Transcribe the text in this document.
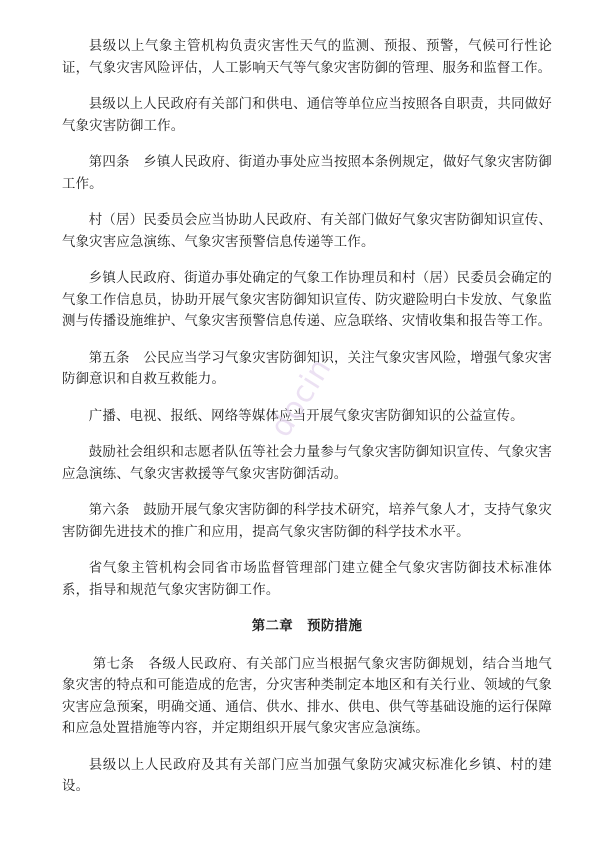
县级以上气象主管机构负责灾害性天气的监测、预报、预警，气候可行性论证，气象灾害风险评估，人工影响天气等气象灾害防御的管理、服务和监督工作。

县级以上人民政府有关部门和供电、通信等单位应当按照各自职责，共同做好气象灾害防御工作。

第四条　乡镇人民政府、街道办事处应当按照本条例规定，做好气象灾害防御工作。

村（居）民委员会应当协助人民政府、有关部门做好气象灾害防御知识宣传、气象灾害应急演练、气象灾害预警信息传递等工作。

乡镇人民政府、街道办事处确定的气象工作协理员和村（居）民委员会确定的气象工作信息员，协助开展气象灾害防御知识宣传、防灾避险明白卡发放、气象监测与传播设施维护、气象灾害预警信息传递、应急联络、灾情收集和报告等工作。

第五条　公民应当学习气象灾害防御知识，关注气象灾害风险，增强气象灾害防御意识和自救互救能力。

广播、电视、报纸、网络等媒体应当开展气象灾害防御知识的公益宣传。

鼓励社会组织和志愿者队伍等社会力量参与气象灾害防御知识宣传、气象灾害应急演练、气象灾害救援等气象灾害防御活动。

第六条　鼓励开展气象灾害防御的科学技术研究，培养气象人才，支持气象灾害防御先进技术的推广和应用，提高气象灾害防御的科学技术水平。

省气象主管机构会同省市场监督管理部门建立健全气象灾害防御技术标准体系，指导和规范气象灾害防御工作。

第二章 预防措施

第七条　各级人民政府、有关部门应当根据气象灾害防御规划，结合当地气象灾害的特点和可能造成的危害，分灾害种类制定本地区和有关行业、领域的气象灾害应急预案，明确交通、通信、供水、排水、供电、供气等基础设施的运行保障和应急处置措施等内容，并定期组织开展气象灾害应急演练。

县级以上人民政府及其有关部门应当加强气象防灾减灾标准化乡镇、村的建设。

docin
